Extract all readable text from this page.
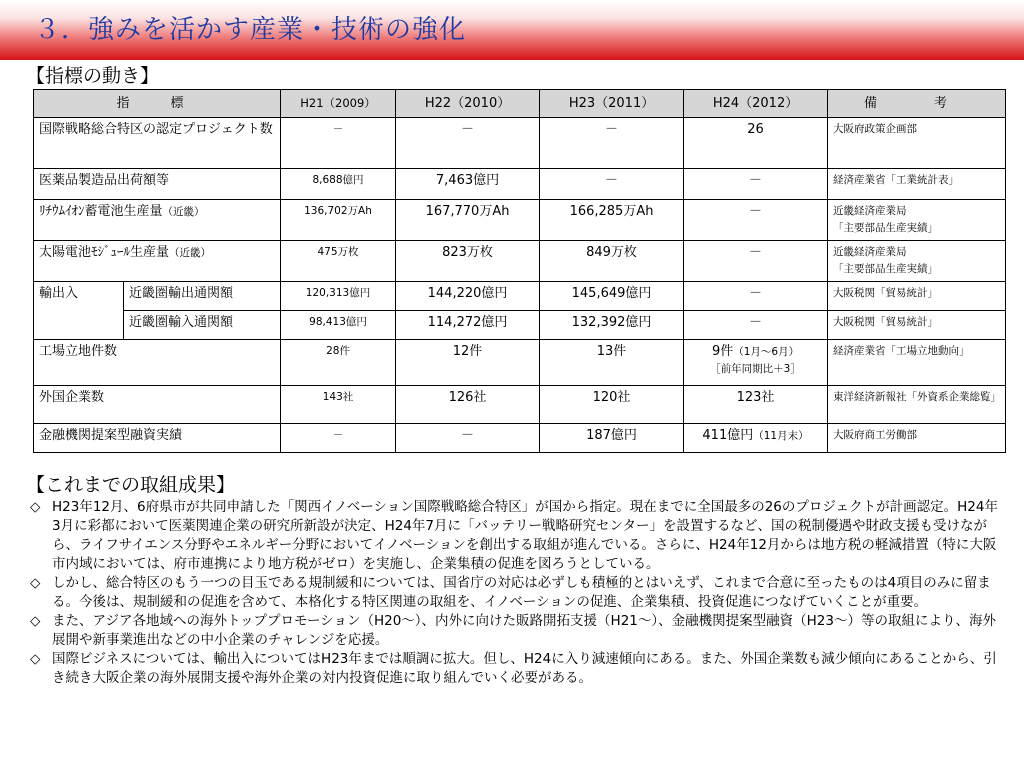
３．強みを活かす産業・技術の強化
【指標の動き】
指　標		H21（2009）	H22（2010）	H23（2011）	H24（2012）	備　考
国際戦略総合特区の認定プロジェクト数		－	－	－	26	大阪府政策企画部
医薬品製造品出荷額等		8,688億円	7,463億円	－	－	経済産業省「工業統計表」
ﾘﾁｳﾑｲｵﾝ蓄電池生産量（近畿）		136,702万Ah	167,770万Ah	166,285万Ah	－	近畿経済産業局
「主要部品生産実績」
太陽電池ﾓｼﾞｭｰﾙ生産量（近畿）		475万枚	823万枚	849万枚	－	近畿経済産業局
「主要部品生産実績」
輸出入	近畿圏輸出通関額	120,313億円	144,220億円	145,649億円	－	大阪税関「貿易統計」
	近畿圏輸入通関額	98,413億円	114,272億円	132,392億円	－	大阪税関「貿易統計」
工場立地件数		28件	12件	13件	9件（1月～6月）
［前年同期比＋3］	経済産業省「工場立地動向」
外国企業数		143社	126社	120社	123社	東洋経済新報社「外資系企業総覧」
金融機関提案型融資実績		－	－	187億円	411億円（11月末）	大阪府商工労働部
【これまでの取組成果】

◇ H23年12月、6府県市が共同申請した「関西イノベーション国際戦略総合特区」が国から指定。現在までに全国最多の26のプロジェクトが計画認定。H24年3月に彩都において医薬関連企業の研究所新設が決定、H24年7月に「バッテリー戦略研究センター」を設置するなど、国の税制優遇や財政支援も受けながら、ライフサイエンス分野やエネルギー分野においてイノベーションを創出する取組が進んでいる。さらに、H24年12月からは地方税の軽減措置（特に大阪市内域においては、府市連携により地方税がゼロ）を実施し、企業集積の促進を図ろうとしている。

◇ しかし、総合特区のもう一つの目玉である規制緩和については、国省庁の対応は必ずしも積極的とはいえず、これまで合意に至ったものは4項目のみに留まる。今後は、規制緩和の促進を含めて、本格化する特区関連の取組を、イノベーションの促進、企業集積、投資促進につなげていくことが重要。

◇ また、アジア各地域への海外トッププロモーション（H20～）、内外に向けた販路開拓支援（H21～）、金融機関提案型融資（H23～）等の取組により、海外展開や新事業進出などの中小企業のチャレンジを応援。

◇ 国際ビジネスについては、輸出入についてはH23年までは順調に拡大。但し、H24に入り減速傾向にある。また、外国企業数も減少傾向にあることから、引き続き大阪企業の海外展開支援や海外企業の対内投資促進に取り組んでいく必要がある。
